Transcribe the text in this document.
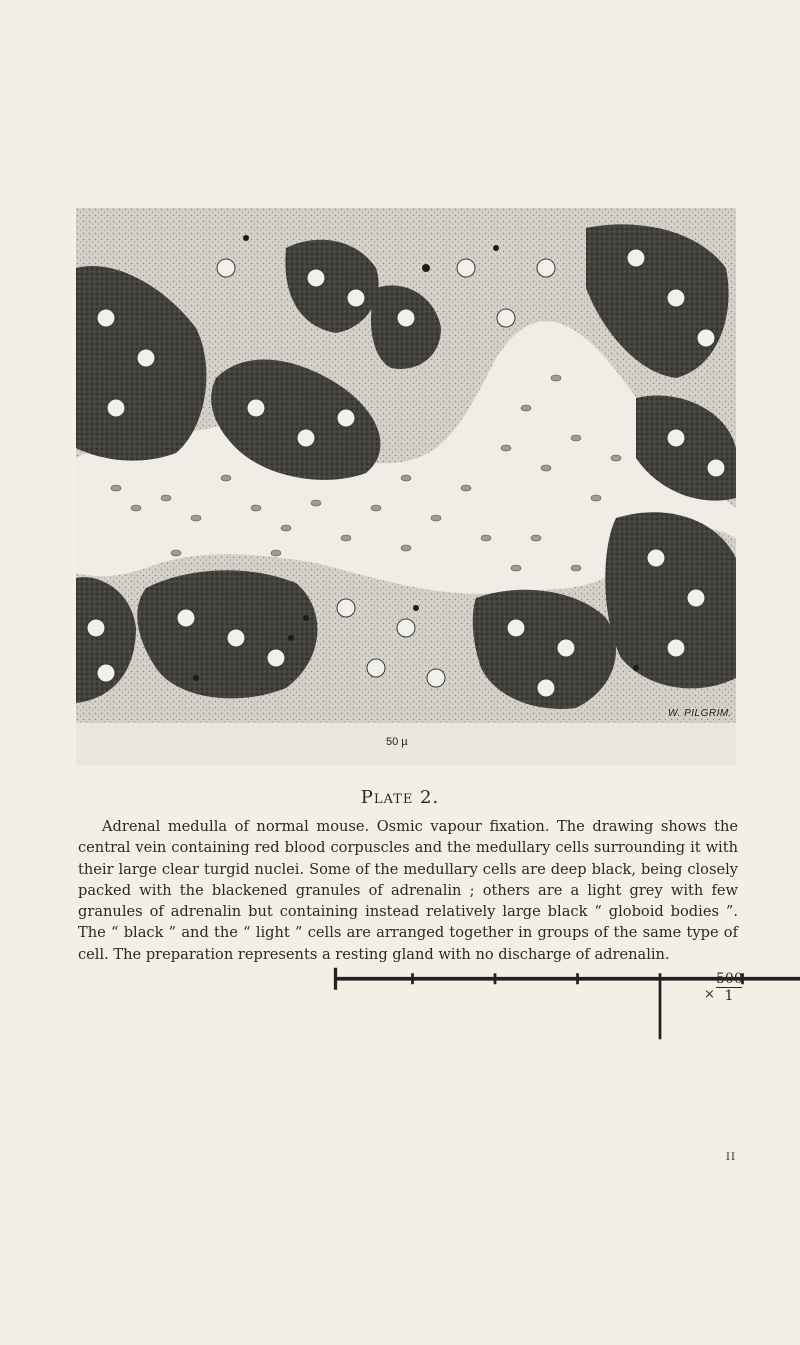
W. PILGRIM.
50 µ
Plate 2.

Adrenal medulla of normal mouse. Osmic vapour fixation. The drawing shows the central vein containing red blood corpuscles and the medullary cells surrounding it with their large clear turgid nuclei. Some of the medullary cells are deep black, being closely packed with the blackened granules of adrenalin ; others are a light grey with few granules of adrenalin but containing instead relatively large black “ globoid bodies ”. The “ black ” and the “ light ” cells are arranged together in groups of the same type of cell. The preparation represents a resting gland with no discharge of adrenalin.

× $\frac{500}{1}$
II
